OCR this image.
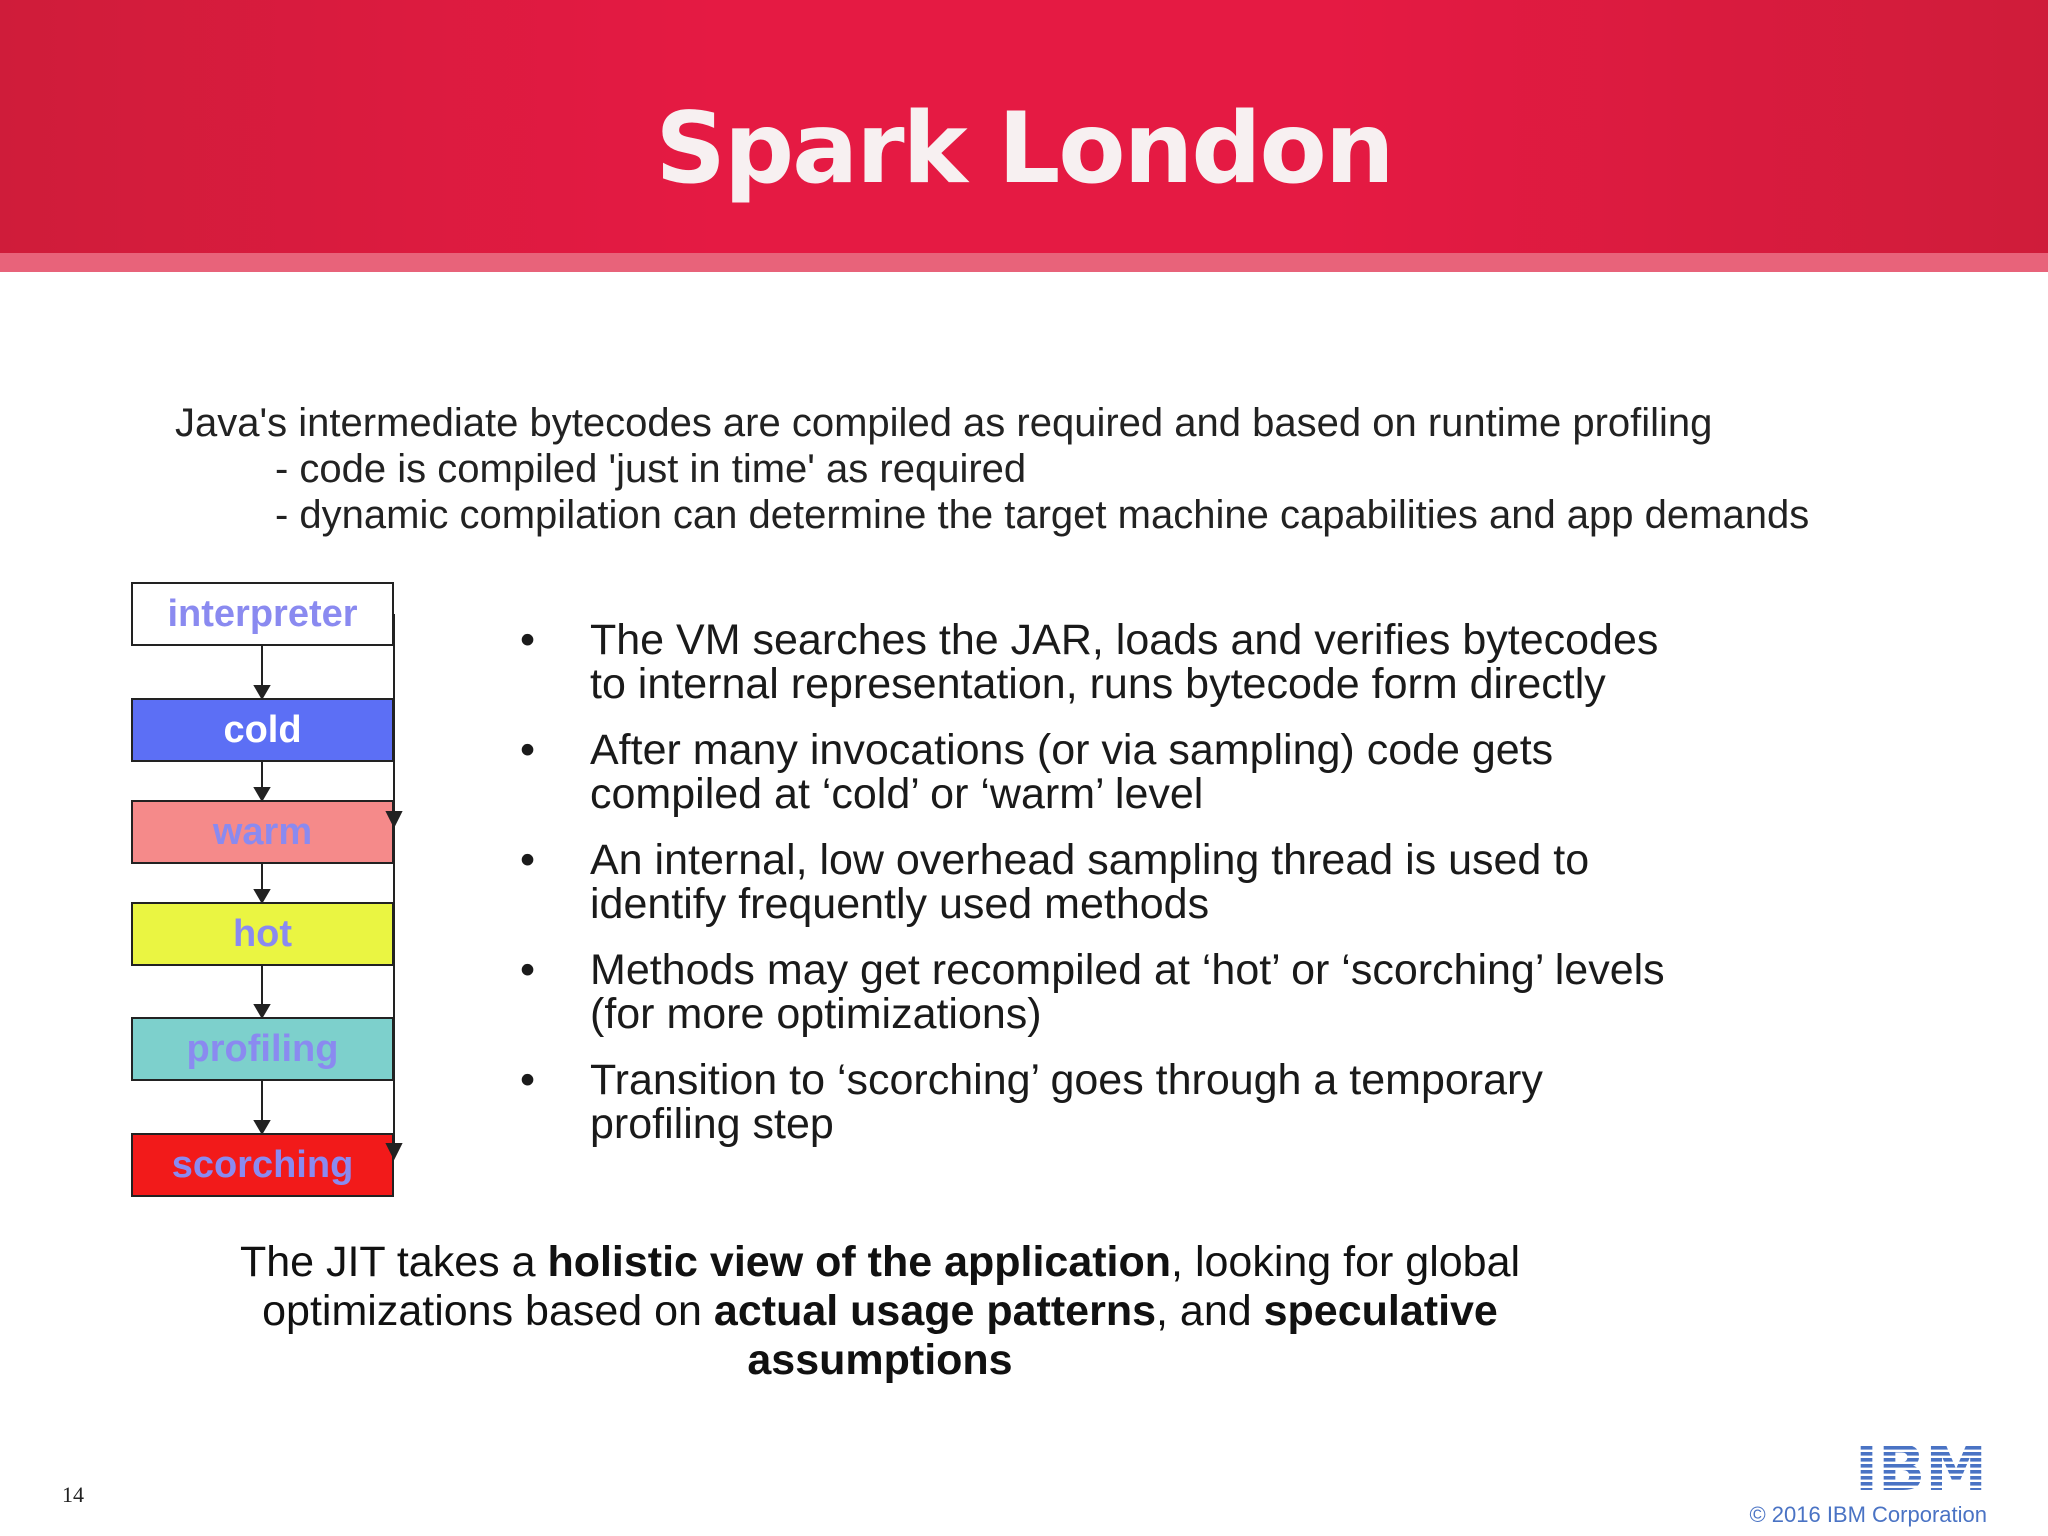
Spark London
Java's intermediate bytecodes are compiled as required and based on runtime profiling
- code is compiled 'just in time' as required
- dynamic compilation can determine the target machine capabilities and app demands
interpreter
cold
warm
hot
profiling
scorching
•	The VM searches the JAR, loads and verifies bytecodes
to internal representation, runs bytecode form directly
•	After many invocations (or via sampling) code gets
compiled at ‘cold’ or ‘warm’ level
•	An internal, low overhead sampling thread is used to
identify frequently used methods
•	Methods may get recompiled at ‘hot’ or ‘scorching’ levels
(for more optimizations)
•	Transition to ‘scorching’ goes through a temporary
profiling step
The JIT takes a holistic view of the application, looking for global optimizations based on actual usage patterns, and speculative assumptions
14	IBM
© 2016 IBM Corporation
